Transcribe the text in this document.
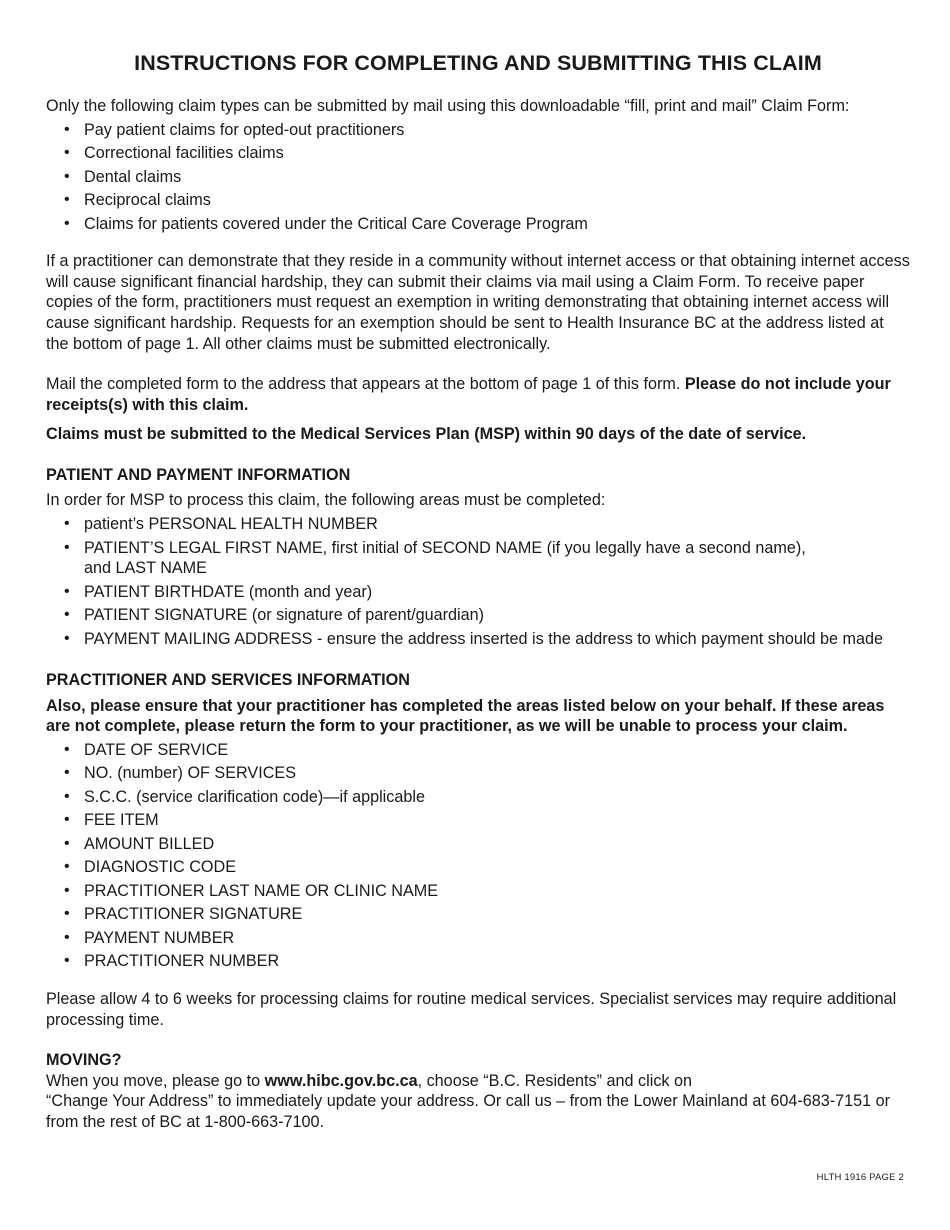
INSTRUCTIONS FOR COMPLETING AND SUBMITTING THIS CLAIM

Only the following claim types can be submitted by mail using this downloadable “fill, print and mail” Claim Form:

• Pay patient claims for opted-out practitioners
• Correctional facilities claims
• Dental claims
• Reciprocal claims
• Claims for patients covered under the Critical Care Coverage Program

If a practitioner can demonstrate that they reside in a community without internet access or that obtaining internet access will cause significant financial hardship, they can submit their claims via mail using a Claim Form. To receive paper copies of the form, practitioners must request an exemption in writing demonstrating that obtaining internet access will cause significant hardship. Requests for an exemption should be sent to Health Insurance BC at the address listed at the bottom of page 1. All other claims must be submitted electronically.

Mail the completed form to the address that appears at the bottom of page 1 of this form. Please do not include your receipts(s) with this claim.

Claims must be submitted to the Medical Services Plan (MSP) within 90 days of the date of service.

PATIENT AND PAYMENT INFORMATION

In order for MSP to process this claim, the following areas must be completed:

• patient’s PERSONAL HEALTH NUMBER
• PATIENT’S LEGAL FIRST NAME, first initial of SECOND NAME (if you legally have a second name),
and LAST NAME
• PATIENT BIRTHDATE (month and year)
• PATIENT SIGNATURE (or signature of parent/guardian)
• PAYMENT MAILING ADDRESS - ensure the address inserted is the address to which payment should be made

PRACTITIONER AND SERVICES INFORMATION

Also, please ensure that your practitioner has completed the areas listed below on your behalf. If these areas are not complete, please return the form to your practitioner, as we will be unable to process your claim.

• DATE OF SERVICE
• NO. (number) OF SERVICES
• S.C.C. (service clarification code)—if applicable
• FEE ITEM
• AMOUNT BILLED
• DIAGNOSTIC CODE
• PRACTITIONER LAST NAME OR CLINIC NAME
• PRACTITIONER SIGNATURE
• PAYMENT NUMBER
• PRACTITIONER NUMBER

Please allow 4 to 6 weeks for processing claims for routine medical services. Specialist services may require additional processing time.

MOVING?

When you move, please go to www.hibc.gov.bc.ca, choose “B.C. Residents” and click on
“Change Your Address” to immediately update your address. Or call us – from the Lower Mainland at 604-683-7151 or from the rest of BC at 1-800-663-7100.

HLTH 1916 PAGE 2
